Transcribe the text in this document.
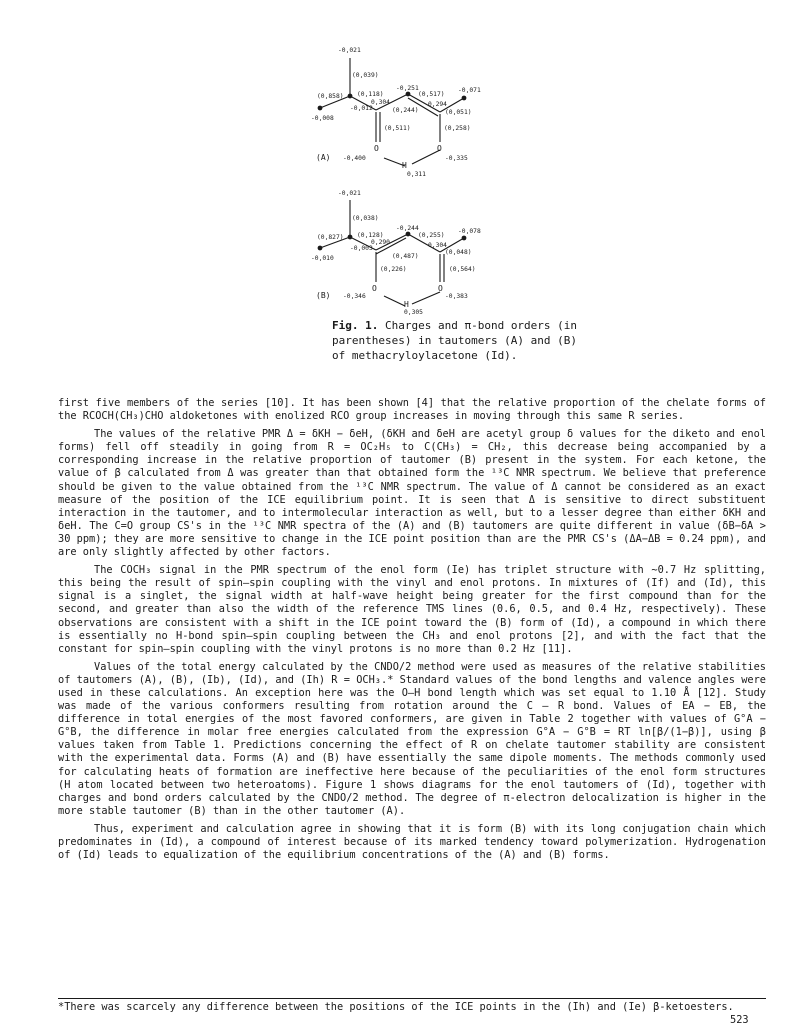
-0,021
(0,039)
(0,858) (0,118)
-0,012
0,304
-0,251
(0,244)
(0,517)
0,294
-0,071
(0,051)
-0,008
(0,511)	(0,258)
-0,400	-0,335
0,311
O	O
H
(A)
-0,021
(0,038)
(0,827) (0,128)
-0,003
0,290
-0,244
(0,487)
(0,255)
0,304
-0,078
(0,048)
-0,010
(0,226)	(0,564)
-0,346	-0,383
0,305
O	O
H
(B)
Fig. 1. Charges and π-bond orders (in parentheses) in tautomers (A) and (B) of methacryloylacetone (Id).

first five members of the series [10]. It has been shown [4] that the relative proportion of the chelate forms of the RCOCH(CH₃)CHO aldoketones with enolized RCO group increases in moving through this same R series.

The values of the relative PMR Δ = δKH − δeH, (δKH and δeH are acetyl group δ values for the diketo and enol forms) fell off steadily in going from R = OC₂H₅ to C(CH₃) = CH₂, this decrease being accompanied by a corresponding increase in the relative proportion of tautomer (B) present in the system. For each ketone, the value of β calculated from Δ was greater than that obtained form the ¹³C NMR spectrum. We believe that preference should be given to the value obtained from the ¹³C NMR spectrum. The value of Δ cannot be considered as an exact measure of the position of the ICE equilibrium point. It is seen that Δ is sensitive to direct substituent interaction in the tautomer, and to intermolecular interaction as well, but to a lesser degree than either δKH and δeH. The C=O group CS's in the ¹³C NMR spectra of the (A) and (B) tautomers are quite different in value (δB−δA > 30 ppm); they are more sensitive to change in the ICE point position than are the PMR CS's (ΔA−ΔB = 0.24 ppm), and are only slightly affected by other factors.

The COCH₃ signal in the PMR spectrum of the enol form (Ie) has triplet structure with ~0.7 Hz splitting, this being the result of spin–spin coupling with the vinyl and enol protons. In mixtures of (If) and (Id), this signal is a singlet, the signal width at half-wave height being greater for the first compound than for the second, and greater than also the width of the reference TMS lines (0.6, 0.5, and 0.4 Hz, respectively). These observations are consistent with a shift in the ICE point toward the (B) form of (Id), a compound in which there is essentially no H-bond spin–spin coupling between the CH₃ and enol protons [2], and with the fact that the constant for spin–spin coupling with the vinyl protons is no more than 0.2 Hz [11].

Values of the total energy calculated by the CNDO/2 method were used as measures of the relative stabilities of tautomers (A), (B), (Ib), (Id), and (Ih) R = OCH₃.* Standard values of the bond lengths and valence angles were used in these calculations. An exception here was the O–H bond length which was set equal to 1.10 Å [12]. Study was made of the various conformers resulting from rotation around the C – R bond. Values of EA − EB, the difference in total energies of the most favored conformers, are given in Table 2 together with values of G°A − G°B, the difference in molar free energies calculated from the expression G°A − G°B = RT ln[β/(1−β)], using β values taken from Table 1. Predictions concerning the effect of R on chelate tautomer stability are consistent with the experimental data. Forms (A) and (B) have essentially the same dipole moments. The methods commonly used for calculating heats of formation are ineffective here because of the peculiarities of the enol form structures (H atom located between two heteroatoms). Figure 1 shows diagrams for the enol tautomers of (Id), together with charges and bond orders calculated by the CNDO/2 method. The degree of π-electron delocalization is higher in the more stable tautomer (B) than in the other tautomer (A).

Thus, experiment and calculation agree in showing that it is form (B) with its long conjugation chain which predominates in (Id), a compound of interest because of its marked tendency toward polymerization. Hydrogenation of (Id) leads to equalization of the equilibrium concentrations of the (A) and (B) forms.

*There was scarcely any difference between the positions of the ICE points in the (Ih) and (Ie) β-ketoesters.
523
